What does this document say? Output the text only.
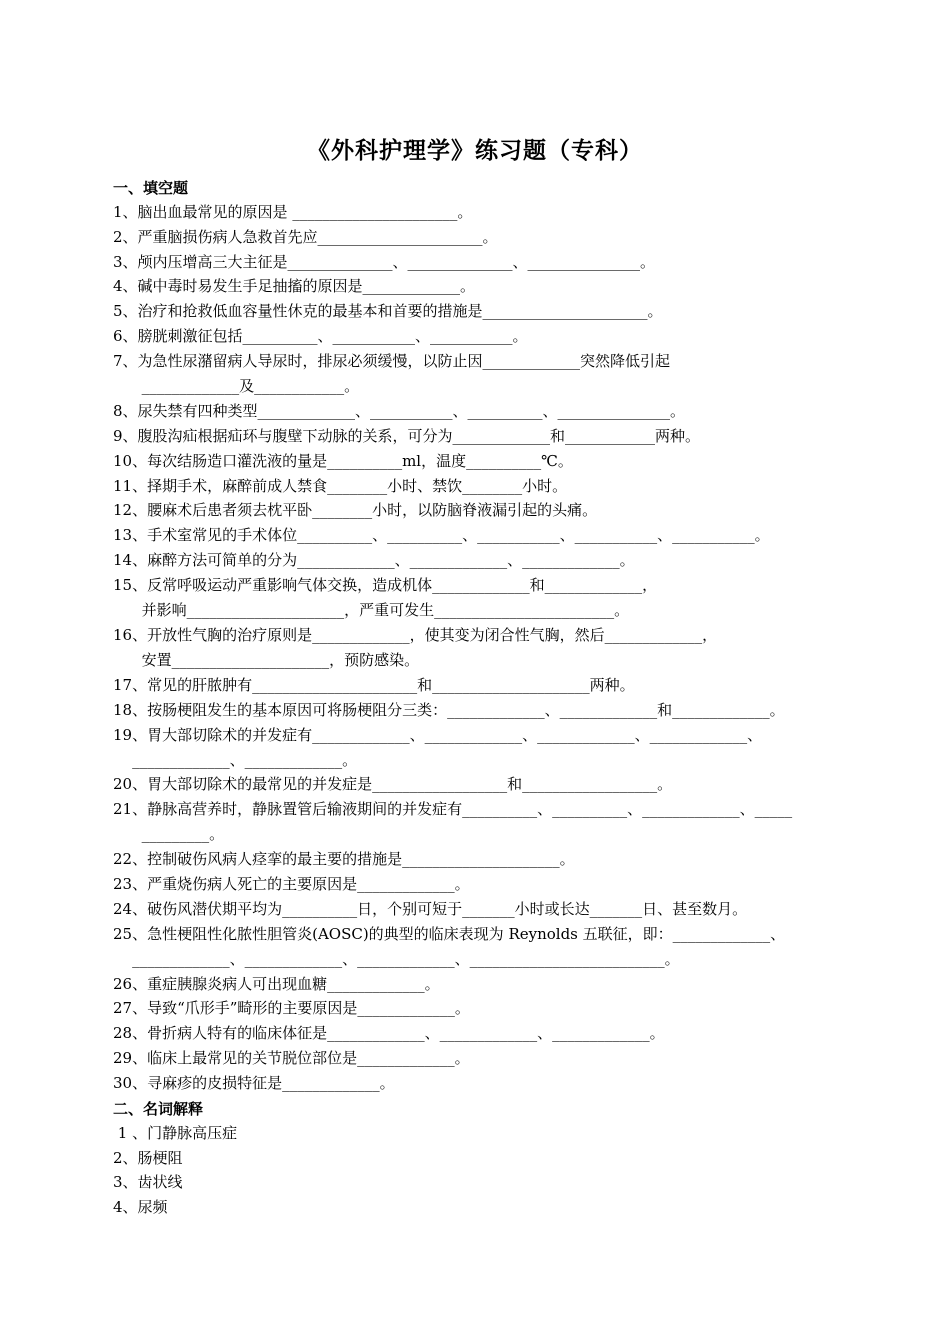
《外科护理学》练习题（专科）
一、填空题
1、脑出血最常见的原因是 ______________________。
2、严重脑损伤病人急救首先应______________________。
3、颅内压增高三大主征是______________、______________、_______________。
4、碱中毒时易发生手足抽搐的原因是_____________。
5、治疗和抢救低血容量性休克的最基本和首要的措施是______________________。
6、膀胱刺激征包括__________、___________、___________。
7、为急性尿潴留病人导尿时，排尿必须缓慢，以防止因_____________突然降低引起
_____________及____________。
8、尿失禁有四种类型_____________、___________、__________、_______________。
9、腹股沟疝根据疝环与腹壁下动脉的关系，可分为_____________和____________两种。
10、每次结肠造口灌洗液的量是__________ml，温度__________℃。
11、择期手术，麻醉前成人禁食________小时、禁饮________小时。
12、腰麻术后患者须去枕平卧________小时，以防脑脊液漏引起的头痛。
13、手术室常见的手术体位__________、__________、___________、___________、___________。
14、麻醉方法可简单的分为_____________、_____________、_____________。
15、反常呼吸运动严重影响气体交换，造成机体_____________和_____________，
并影响_____________________，严重可发生________________________。
16、开放性气胸的治疗原则是_____________，使其变为闭合性气胸，然后_____________，
安置_____________________，预防感染。
17、常见的肝脓肿有______________________和_____________________两种。
18、按肠梗阻发生的基本原因可将肠梗阻分三类：_____________、_____________和_____________。
19、胃大部切除术的并发症有_____________、_____________、_____________、_____________、
_____________、_____________。
20、胃大部切除术的最常见的并发症是__________________和__________________。
21、静脉高营养时，静脉置管后输液期间的并发症有__________、__________、_____________、_____
_________。
22、控制破伤风病人痉挛的最主要的措施是_____________________。
23、严重烧伤病人死亡的主要原因是_____________。
24、破伤风潜伏期平均为__________日，个别可短于_______小时或长达_______日、甚至数月。
25、急性梗阻性化脓性胆管炎(AOSC)的典型的临床表现为 Reynolds 五联征，即：_____________、
_____________、_____________、_____________、__________________________。
26、重症胰腺炎病人可出现血糖_____________。
27、导致“爪形手”畸形的主要原因是_____________。
28、骨折病人特有的临床体征是_____________、_____________、_____________。
29、临床上最常见的关节脱位部位是_____________。
30、寻麻疹的皮损特征是_____________。
二、名词解释
1 、门静脉高压症
2、肠梗阻
3、齿状线
4、尿频
